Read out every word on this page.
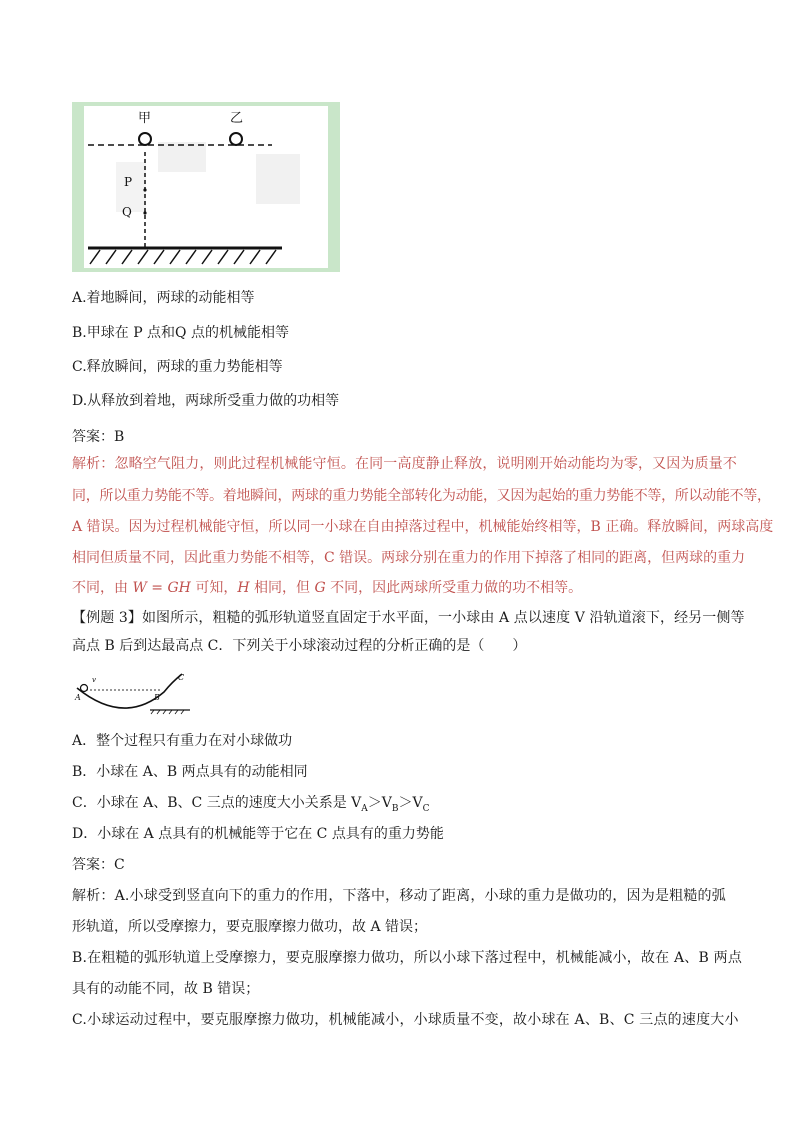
甲	乙
P
Q
A.着地瞬间，两球的动能相等
B.甲球在 P 点和Q 点的机械能相等
C.释放瞬间，两球的重力势能相等
D.从释放到着地，两球所受重力做的功相等
答案：B
解析：忽略空气阻力，则此过程机械能守恒。在同一高度静止释放，说明刚开始动能均为零，又因为质量不
同，所以重力势能不等。着地瞬间，两球的重力势能全部转化为动能，又因为起始的重力势能不等，所以动能不等，
A 错误。因为过程机械能守恒，所以同一小球在自由掉落过程中，机械能始终相等，B 正确。释放瞬间，两球高度
相同但质量不同，因此重力势能不相等，C 错误。两球分别在重力的作用下掉落了相同的距离，但两球的重力
不同，由 W = GH 可知，H 相同，但 G 不同，因此两球所受重力做的功不相等。
【例题 3】如图所示，粗糙的弧形轨道竖直固定于水平面，一小球由 A 点以速度 V 沿轨道滚下，经另一侧等
高点 B 后到达最高点 C．下列关于小球滚动过程的分析正确的是（　　）
A	B
C
v
A．整个过程只有重力在对小球做功
B．小球在 A、B 两点具有的动能相同
C．小球在 A、B、C 三点的速度大小关系是 $V_A>V_B>V_C$
D．小球在 A 点具有的机械能等于它在 C 点具有的重力势能
答案：C
解析：A.小球受到竖直向下的重力的作用，下落中，移动了距离，小球的重力是做功的，因为是粗糙的弧
形轨道，所以受摩擦力，要克服摩擦力做功，故 A 错误；
B.在粗糙的弧形轨道上受摩擦力，要克服摩擦力做功，所以小球下落过程中，机械能减小，故在 A、B 两点
具有的动能不同，故 B 错误；
C.小球运动过程中，要克服摩擦力做功，机械能减小，小球质量不变，故小球在 A、B、C 三点的速度大小
